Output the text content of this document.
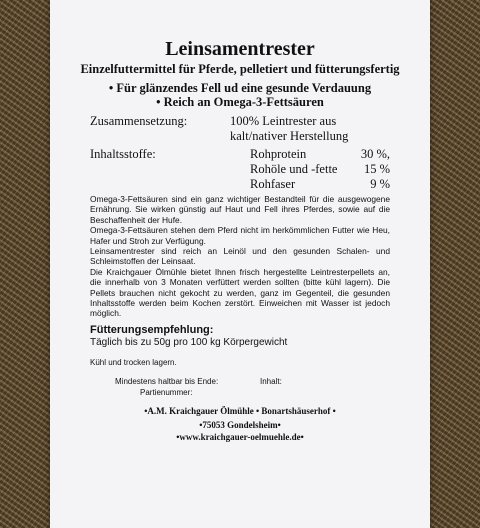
Leinsamentrester
Einzelfuttermittel für Pferde, pelletiert und fütterungsfertig
• Für glänzendes Fell ud eine gesunde Verdauung
• Reich an Omega-3-Fettsäuren
Zusammensetzung:	100% Leintrester aus kalt/nativer Herstellung
Inhaltsstoffe:	Rohprotein	30 %,
Rohöle und -fette 15 %
Rohfaser	9 %

Omega-3-Fettsäuren sind ein ganz wichtiger Bestandteil für die ausgewogene Ernährung. Sie wirken günstig auf Haut und Fell ihres Pferdes, sowie auf die Beschaffenheit der Hufe.

Omega-3-Fettsäuren stehen dem Pferd nicht im herkömmlichen Futter wie Heu, Hafer und Stroh zur Verfügung.

Leinsamentrester sind reich an Leinöl und den gesunden Schalen- und Schleimstoffen der Leinsaat.

Die Kraichgauer Ölmühle bietet Ihnen frisch hergestellte Leintresterpellets an, die innerhalb von 3 Monaten verfüttert werden sollten (bitte kühl lagern). Die Pellets brauchen nicht gekocht zu werden, ganz im Gegenteil, die gesunden Inhaltsstoffe werden beim Kochen zerstört. Einweichen mit Wasser ist jedoch möglich.

Fütterungsempfehlung:
Täglich bis zu 50g pro 100 kg Körpergewicht
Kühl und trocken lagern.
Mindestens haltbar bis Ende:	Inhalt:
Partienummer:
•A.M. Kraichgauer Ölmühle • Bonartshäuserhof •
•75053 Gondelsheim•
•www.kraichgauer-oelmuehle.de•
